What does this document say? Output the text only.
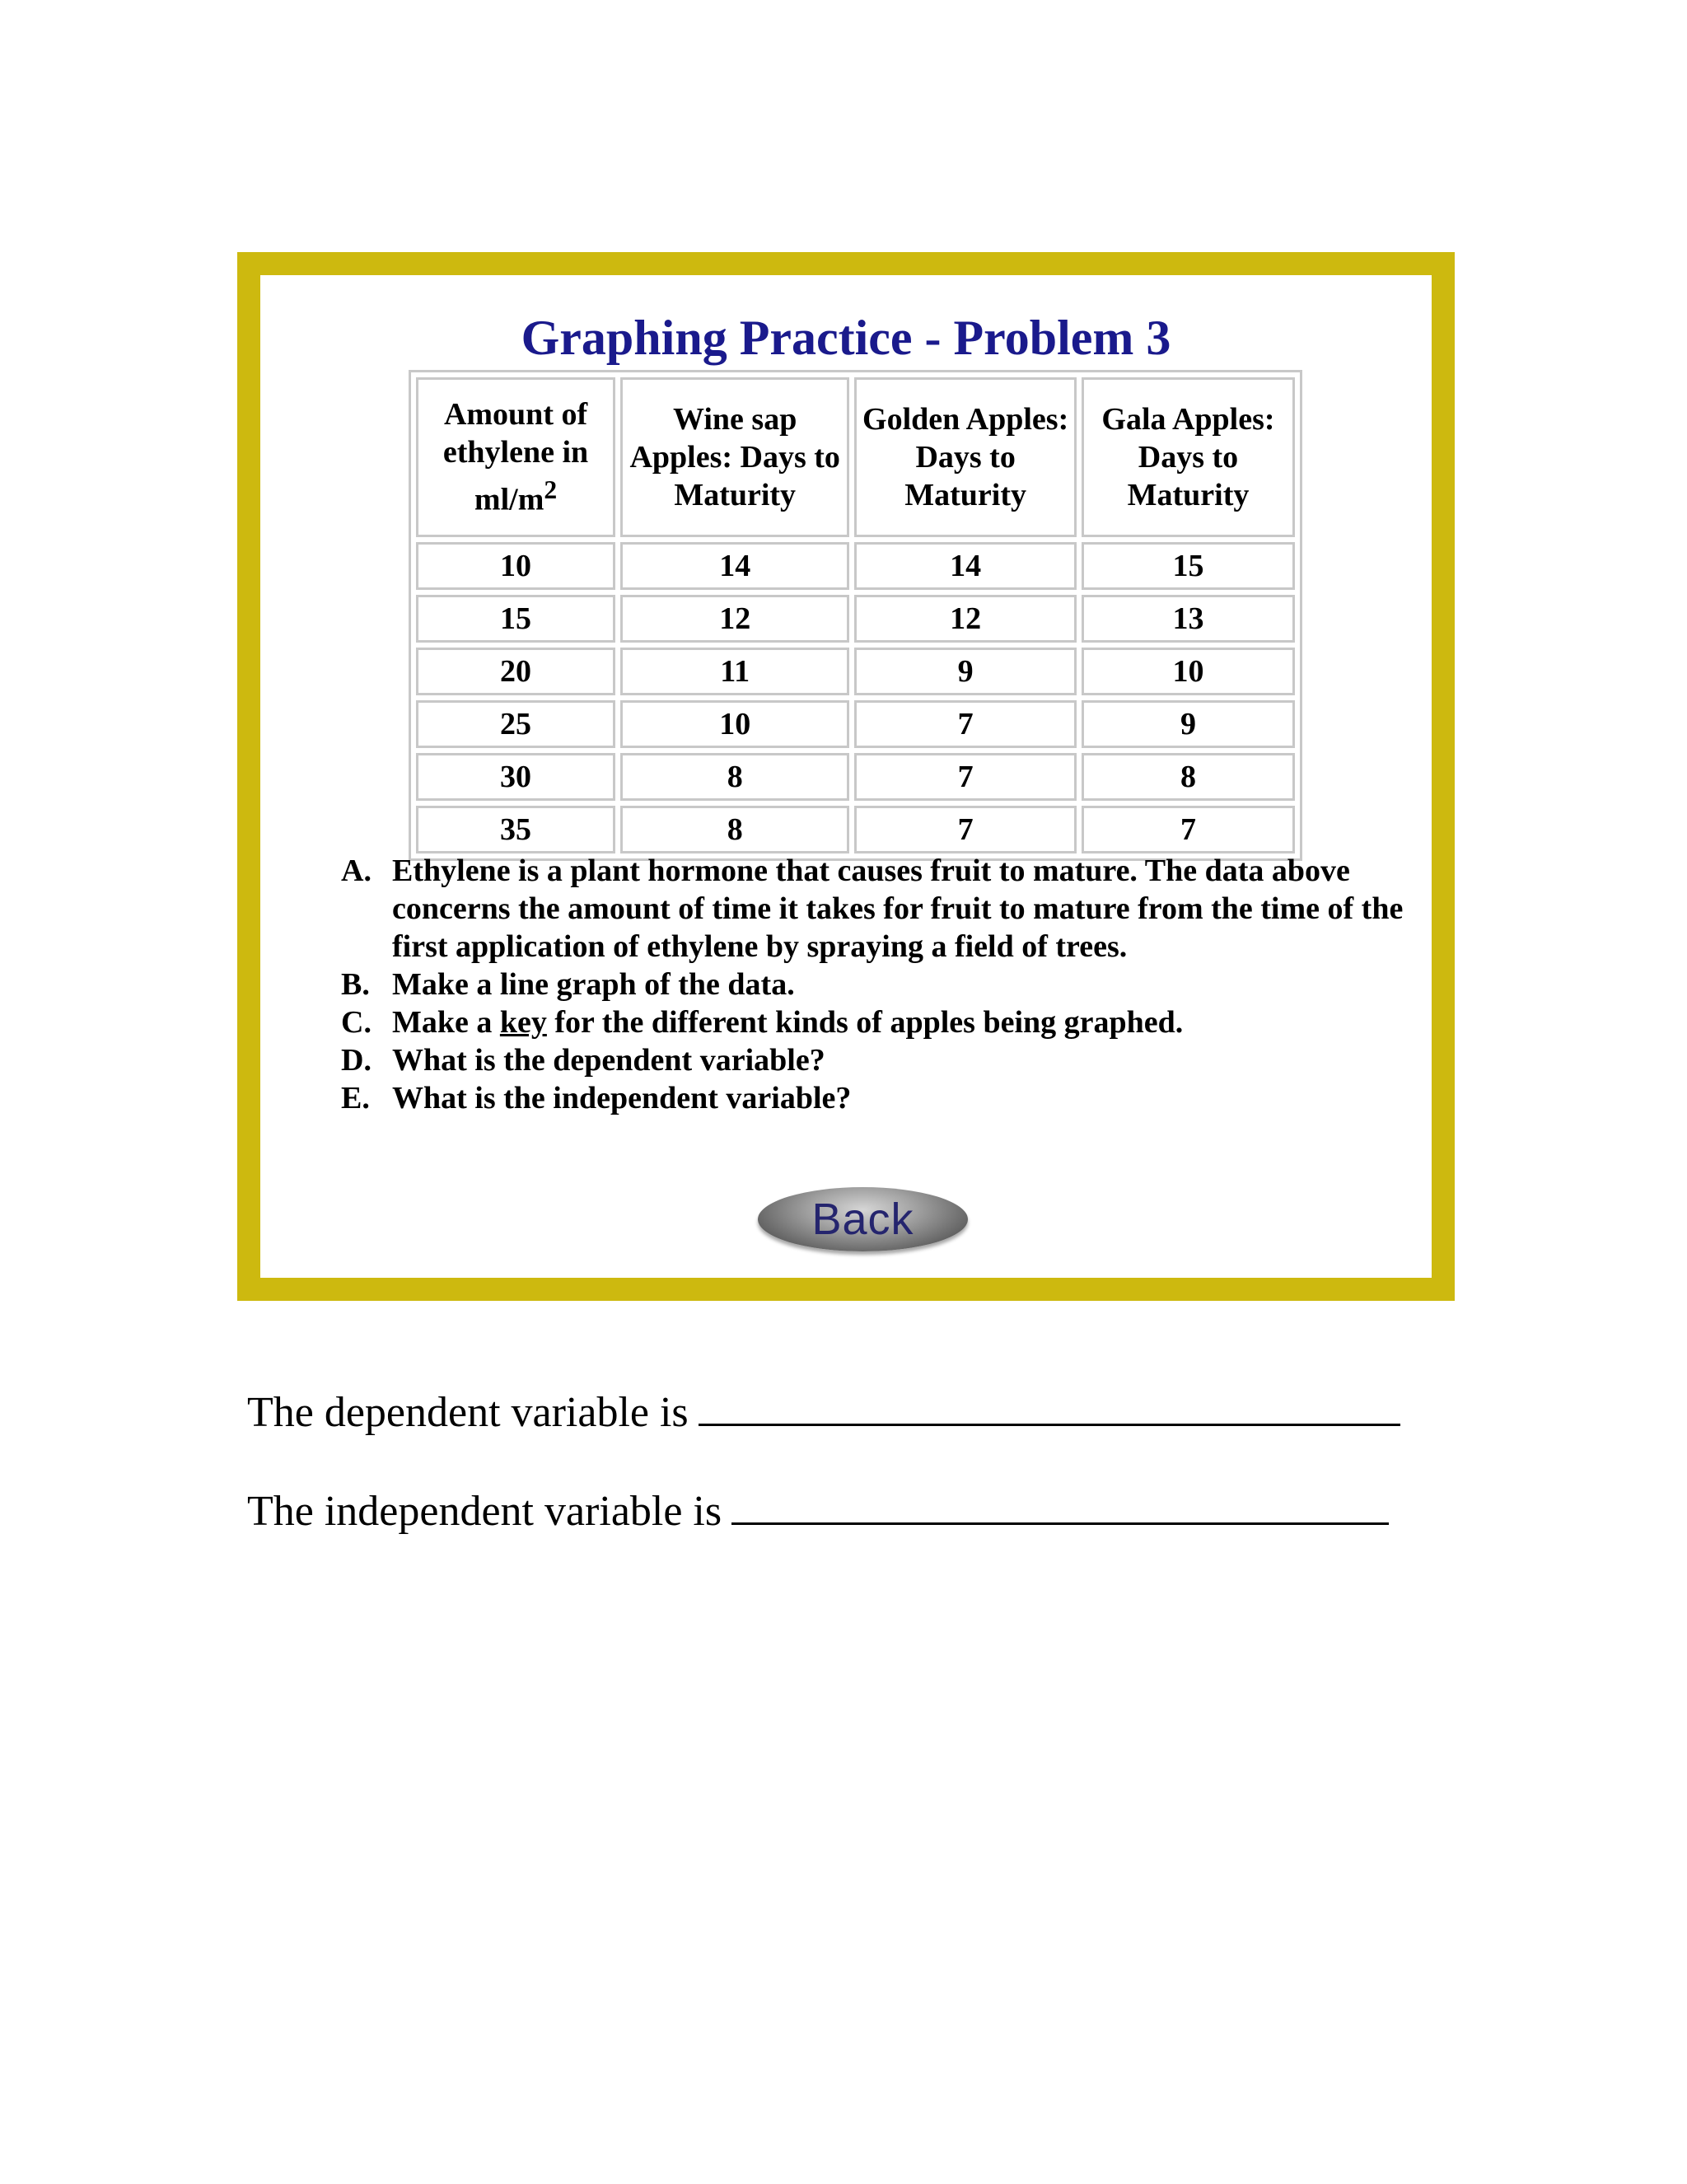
Graphing Practice - Problem 3
Amount of ethylene in $ml/m^2$	Wine sap Apples: Days to Maturity	Golden Apples: Days to Maturity	Gala Apples: Days to Maturity
10	14	14	15
15	12	12	13
20	11	9	10
25	10	7	9
30	8	7	8
35	8	7	7
A. Ethylene is a plant hormone that causes fruit to mature. The data above concerns the amount of time it takes for fruit to mature from the time of the first application of ethylene by spraying a field of trees.
B. Make a line graph of the data.
C. Make a key for the different kinds of apples being graphed.
D. What is the dependent variable?
E. What is the independent variable?
Back
The dependent variable is
The independent variable is
